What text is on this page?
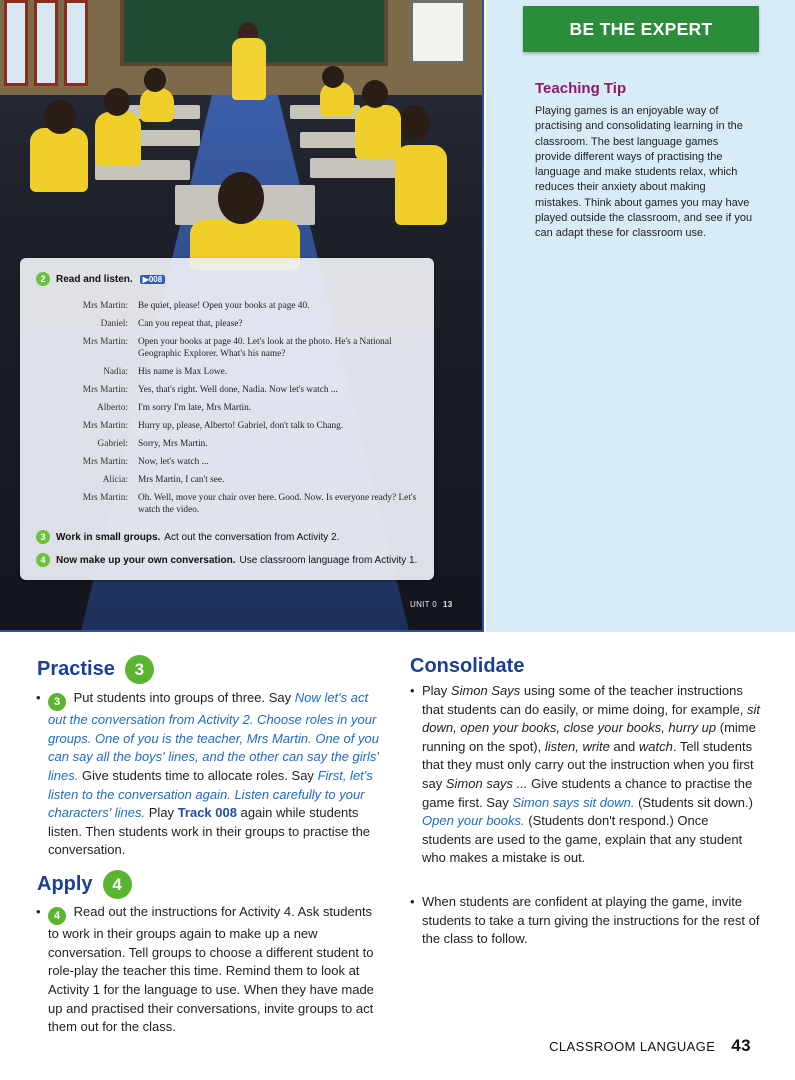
2	Read and listen.	▶008
Mrs Martin:	Be quiet, please! Open your books at page 40.
Daniel:	Can you repeat that, please?
Mrs Martin:	Open your books at page 40. Let's look at the photo. He's a National Geographic Explorer. What's his name?
Nadia:	His name is Max Lowe.
Mrs Martin:	Yes, that's right. Well done, Nadia. Now let's watch ...
Alberto:	I'm sorry I'm late, Mrs Martin.
Mrs Martin:	Hurry up, please, Alberto! Gabriel, don't talk to Chang.
Gabriel:	Sorry, Mrs Martin.
Mrs Martin:	Now, let's watch ...
Alicia:	Mrs Martin, I can't see.
Mrs Martin:	Oh. Well, move your chair over here. Good. Now. Is everyone ready? Let's watch the video.
3	Work in small groups. Act out the conversation from Activity 2.
4	Now make up your own conversation. Use classroom language from Activity 1.
UNIT 0 13
BE THE EXPERT
Teaching Tip
Playing games is an enjoyable way of practising and consolidating learning in the classroom. The best language games provide different ways of practising the language and make students relax, which reduces their anxiety about making mistakes. Think about games you may have played outside the classroom, and see if you can adapt these for classroom use.
Practise	3
• 3 Put students into groups of three. Say Now let's act out the conversation from Activity 2. Choose roles in your groups. One of you is the teacher, Mrs Martin. One of you can say all the boys' lines, and the other can say the girls' lines. Give students time to allocate roles. Say First, let's listen to the conversation again. Listen carefully to your characters' lines. Play Track 008 again while students listen. Then students work in their groups to practise the conversation.
Apply	4
• 4 Read out the instructions for Activity 4. Ask students to work in their groups again to make up a new conversation. Tell groups to choose a different student to role-play the teacher this time. Remind them to look at Activity 1 for the language to use. When they have made up and practised their conversations, invite groups to act them out for the class.
Consolidate
• Play Simon Says using some of the teacher instructions that students can do easily, or mime doing, for example, sit down, open your books, close your books, hurry up (mime running on the spot), listen, write and watch. Tell students that they must only carry out the instruction when you first say Simon says ... Give students a chance to practise the game first. Say Simon says sit down. (Students sit down.) Open your books. (Students don't respond.) Once students are used to the game, explain that any student who makes a mistake is out.
• When students are confident at playing the game, invite students to take a turn giving the instructions for the rest of the class to follow.
CLASSROOM LANGUAGE 43
